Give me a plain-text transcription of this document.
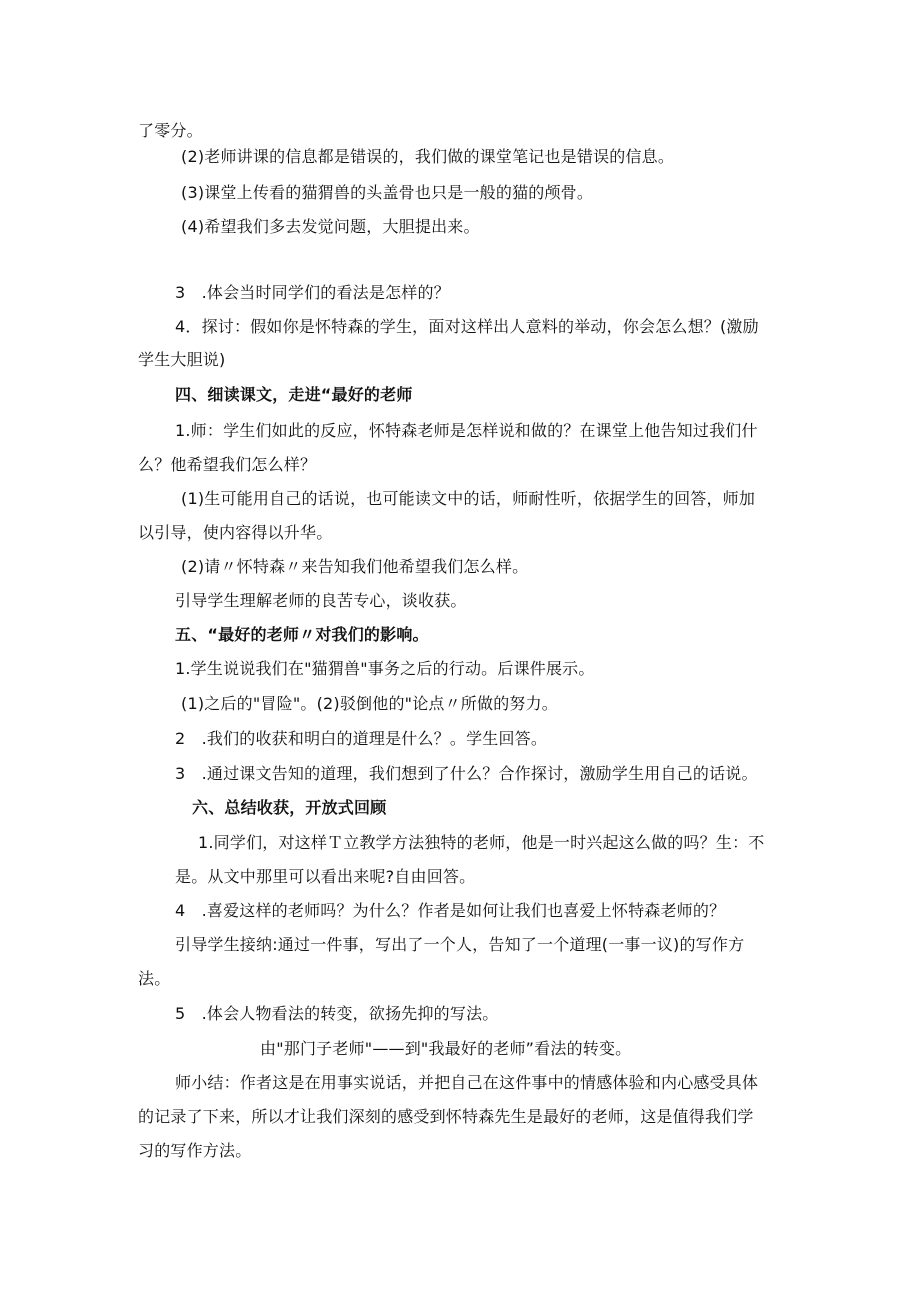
了零分。
(2)老师讲课的信息都是错误的，我们做的课堂笔记也是错误的信息。
(3)课堂上传看的猫猬兽的头盖骨也只是一般的猫的颅骨。
(4)希望我们多去发觉问题，大胆提出来。
3　.体会当时同学们的看法是怎样的？
4．探讨：假如你是怀特森的学生，面对这样出人意料的举动，你会怎么想？(激励
学生大胆说)
四、细读课文，走进“最好的老师
1.师：学生们如此的反应，怀特森老师是怎样说和做的？在课堂上他告知过我们什
么？他希望我们怎么样？
(1)生可能用自己的话说，也可能读文中的话，师耐性听，依据学生的回答，师加
以引导，使内容得以升华。
(2)请〃怀特森〃来告知我们他希望我们怎么样。
引导学生理解老师的良苦专心，谈收获。
五、“最好的老师〃对我们的影响。
1.学生说说我们在"猫猬兽"事务之后的行动。后课件展示。
(1)之后的"冒险"。(2)驳倒他的"论点〃所做的努力。
2　.我们的收获和明白的道理是什么？。学生回答。
3　.通过课文告知的道理，我们想到了什么？合作探讨，激励学生用自己的话说。
六、总结收获，开放式回顾
1.同学们，对这样Ｔ立教学方法独特的老师，他是一时兴起这么做的吗？生：不
是。从文中那里可以看出来呢?自由回答。
4　.喜爱这样的老师吗？为什么？作者是如何让我们也喜爱上怀特森老师的？
引导学生接纳:通过一件事，写出了一个人，告知了一个道理(一事一议)的写作方
法。
5　.体会人物看法的转变，欲扬先抑的写法。
由"那门子老师"——到"我最好的老师”看法的转变。
师小结：作者这是在用事实说话，并把自己在这件事中的情感体验和内心感受具体
的记录了下来，所以才让我们深刻的感受到怀特森先生是最好的老师，这是值得我们学
习的写作方法。
